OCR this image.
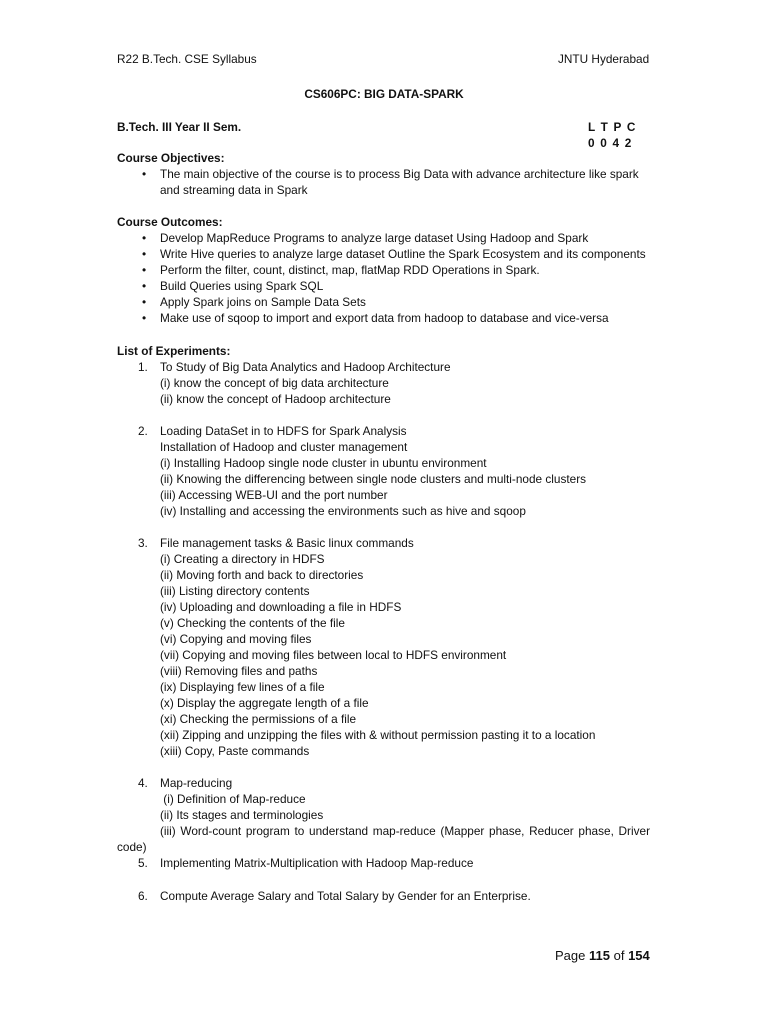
R22 B.Tech. CSE Syllabus	JNTU Hyderabad
CS606PC: BIG DATA-SPARK
B.Tech. III Year II Sem.	L T P C
0 0 4 2
Course Objectives:
• The main objective of the course is to process Big Data with advance architecture like spark and streaming data in Spark
Course Outcomes:
• Develop MapReduce Programs to analyze large dataset Using Hadoop and Spark
• Write Hive queries to analyze large dataset Outline the Spark Ecosystem and its components
• Perform the filter, count, distinct, map, flatMap RDD Operations in Spark.
• Build Queries using Spark SQL
• Apply Spark joins on Sample Data Sets
• Make use of sqoop to import and export data from hadoop to database and vice-versa
List of Experiments:
1. To Study of Big Data Analytics and Hadoop Architecture
(i) know the concept of big data architecture
(ii) know the concept of Hadoop architecture
2. Loading DataSet in to HDFS for Spark Analysis
Installation of Hadoop and cluster management
(i) Installing Hadoop single node cluster in ubuntu environment
(ii) Knowing the differencing between single node clusters and multi-node clusters
(iii) Accessing WEB-UI and the port number
(iv) Installing and accessing the environments such as hive and sqoop
3. File management tasks & Basic linux commands
(i) Creating a directory in HDFS
(ii) Moving forth and back to directories
(iii) Listing directory contents
(iv) Uploading and downloading a file in HDFS
(v) Checking the contents of the file
(vi) Copying and moving files
(vii) Copying and moving files between local to HDFS environment
(viii) Removing files and paths
(ix) Displaying few lines of a file
(x) Display the aggregate length of a file
(xi) Checking the permissions of a file
(xii) Zipping and unzipping the files with & without permission pasting it to a location
(xiii) Copy, Paste commands
4. Map-reducing
(i) Definition of Map-reduce
(ii) Its stages and terminologies
(iii) Word-count program to understand map-reduce (Mapper phase, Reducer phase, Driver
code)
5. Implementing Matrix-Multiplication with Hadoop Map-reduce
6. Compute Average Salary and Total Salary by Gender for an Enterprise.
Page 115 of 154
